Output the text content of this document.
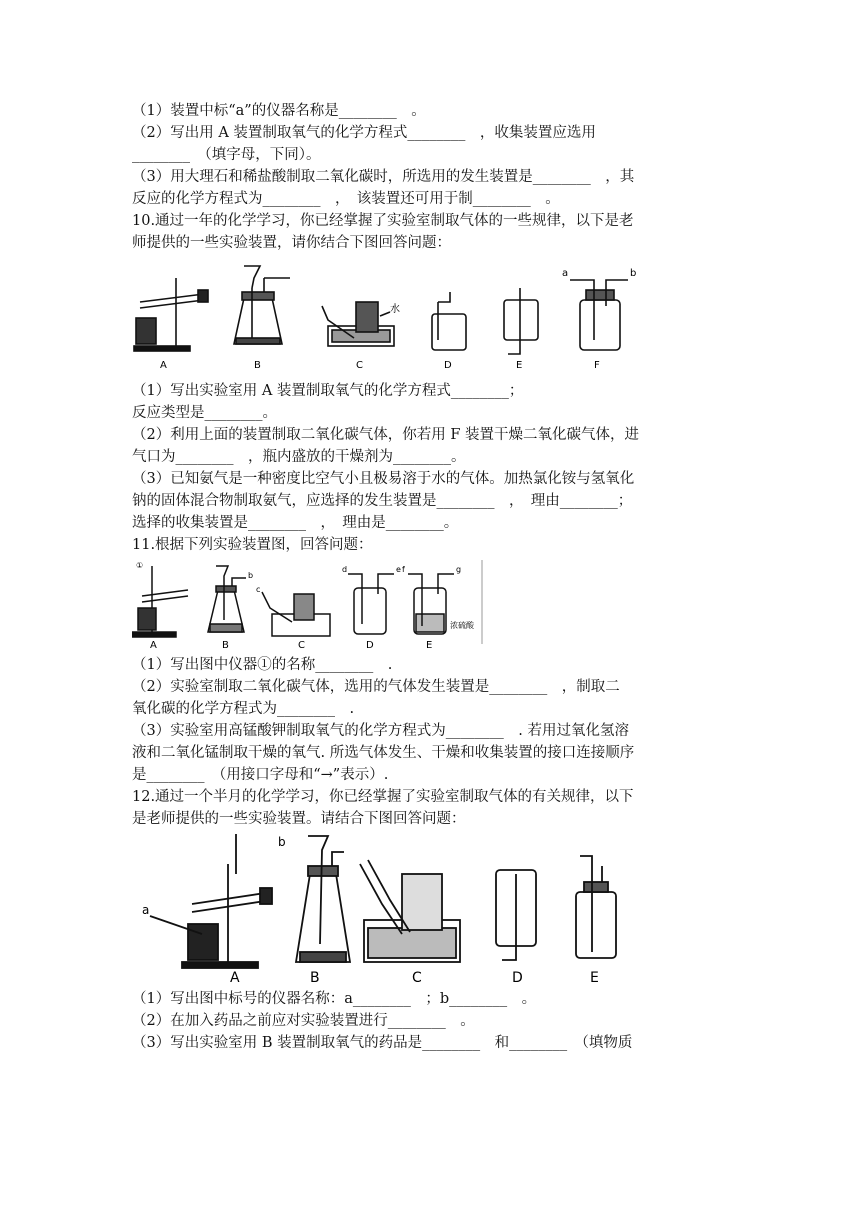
（1）装置中标“a”的仪器名称是________　。
（2）写出用 A 装置制取氧气的化学方程式________　，收集装置应选用
________　（填字母，下同）。
（3）用大理石和稀盐酸制取二氧化碳时，所选用的发生装置是________　，其
反应的化学方程式为________　，　该装置还可用于制________　。
10.通过一年的化学学习，你已经掌握了实验室制取气体的一些规律，以下是老
师提供的一些实验装置，请你结合下图回答问题：
A	B	C	D	E	F
水
a	b
（1）写出实验室用 A 装置制取氧气的化学方程式________；
反应类型是________。
（2）利用上面的装置制取二氧化碳气体，你若用 F 装置干燥二氧化碳气体，进
气口为________　，瓶内盛放的干燥剂为________。
（3）已知氨气是一种密度比空气小且极易溶于水的气体。加热氯化铵与氢氧化
钠的固体混合物制取氨气，应选择的发生装置是________　，　理由________；
选择的收集装置是________　，　理由是________。
11.根据下列实验装置图，回答问题：
A	B	C	D	E
浓硫酸
①
b
c
d	e f	g
（1）写出图中仪器①的名称________　.
（2）实验室制取二氧化碳气体，选用的气体发生装置是________　，制取二
氧化碳的化学方程式为________　.
（3）实验室用高锰酸钾制取氧气的化学方程式为________　. 若用过氧化氢溶
液和二氧化锰制取干燥的氧气. 所选气体发生、干燥和收集装置的接口连接顺序
是________　（用接口字母和“→”表示）.
12.通过一个半月的化学学习，你已经掌握了实验室制取气体的有关规律，以下
是老师提供的一些实验装置。请结合下图回答问题：
A	B	C	D	E
a
b
（1）写出图中标号的仪器名称：a________　；b________　。
（2）在加入药品之前应对实验装置进行________　。
（3）写出实验室用 B 装置制取氧气的药品是________　和________　（填物质
